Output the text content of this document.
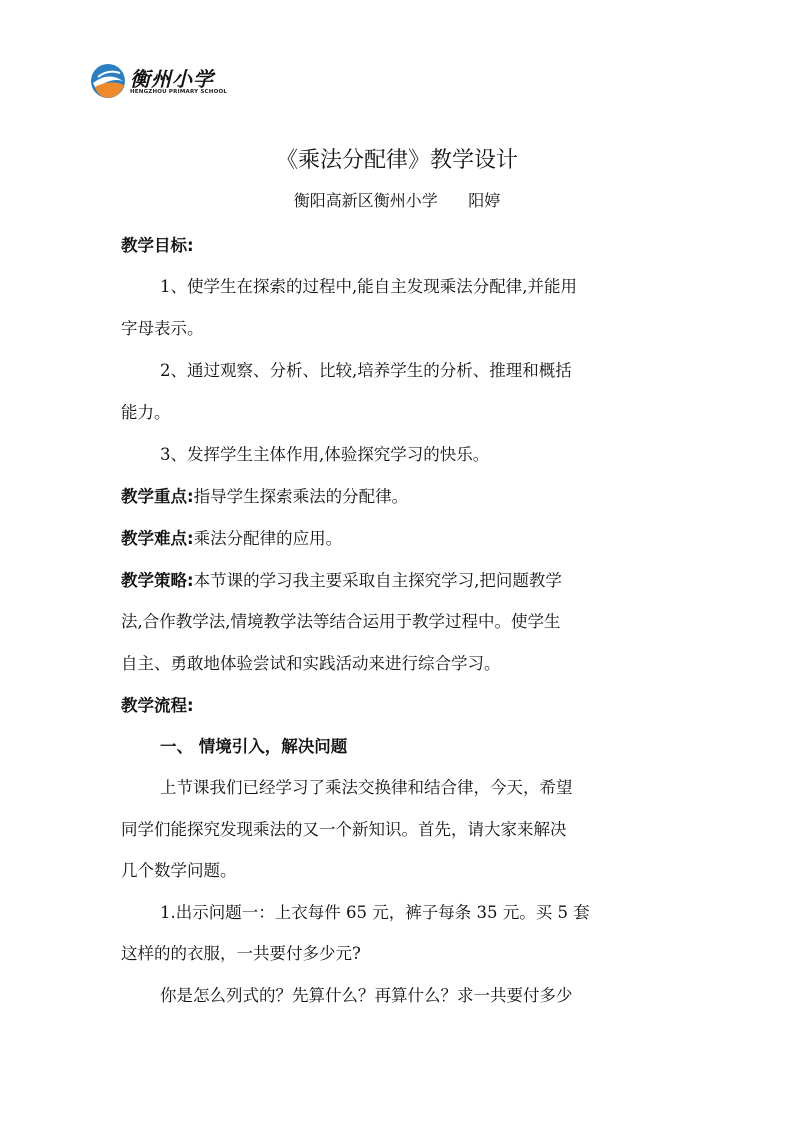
衡州小学
HENGZHOU PRIMARY SCHOOL
《乘法分配律》教学设计
衡阳高新区衡州小学      阳婷
教学目标:
1、使学生在探索的过程中,能自主发现乘法分配律,并能用
字母表示。
2、通过观察、分析、比较,培养学生的分析、推理和概括
能力。
3、发挥学生主体作用,体验探究学习的快乐。
教学重点:指导学生探索乘法的分配律。
教学难点:乘法分配律的应用。
教学策略:本节课的学习我主要采取自主探究学习,把问题教学
法,合作教学法,情境教学法等结合运用于教学过程中。使学生
自主、勇敢地体验尝试和实践活动来进行综合学习。
教学流程:
一、 情境引入，解决问题
上节课我们已经学习了乘法交换律和结合律，今天，希望
同学们能探究发现乘法的又一个新知识。首先，请大家来解决
几个数学问题。
1.出示问题一：上衣每件 65 元，裤子每条 35 元。买 5 套
这样的的衣服，一共要付多少元?
你是怎么列式的？先算什么？再算什么？求一共要付多少
